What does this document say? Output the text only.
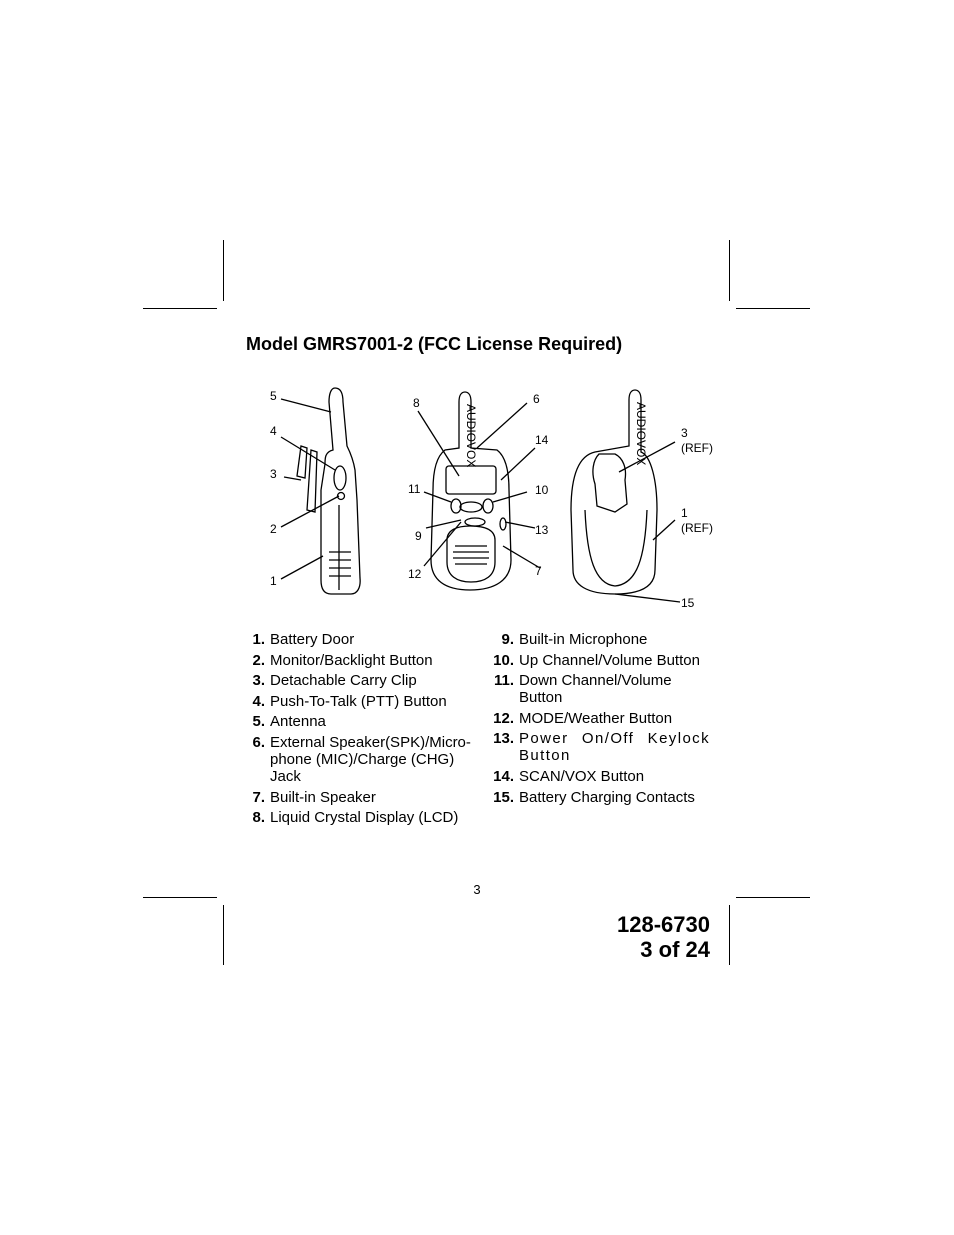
Model GMRS7001-2 (FCC License Required)
5
4
3
2
1
8	6
14
11	10
9	13
12	7
3
(REF)
1
(REF)
15
AUDIOVOX	AUDIOVOX
1. Battery Door
2. Monitor/Backlight Button
3. Detachable Carry Clip
4. Push-To-Talk (PTT) Button
5. Antenna
6. External Speaker(SPK)/Micro-phone (MIC)/Charge (CHG) Jack
7. Built-in Speaker
8. Liquid Crystal Display (LCD)
9. Built-in Microphone
10. Up Channel/Volume Button
11. Down Channel/Volume Button
12. MODE/Weather Button
13. Power On/Off Keylock Button
14. SCAN/VOX Button
15. Battery Charging Contacts
3
128-6730
3 of 24
